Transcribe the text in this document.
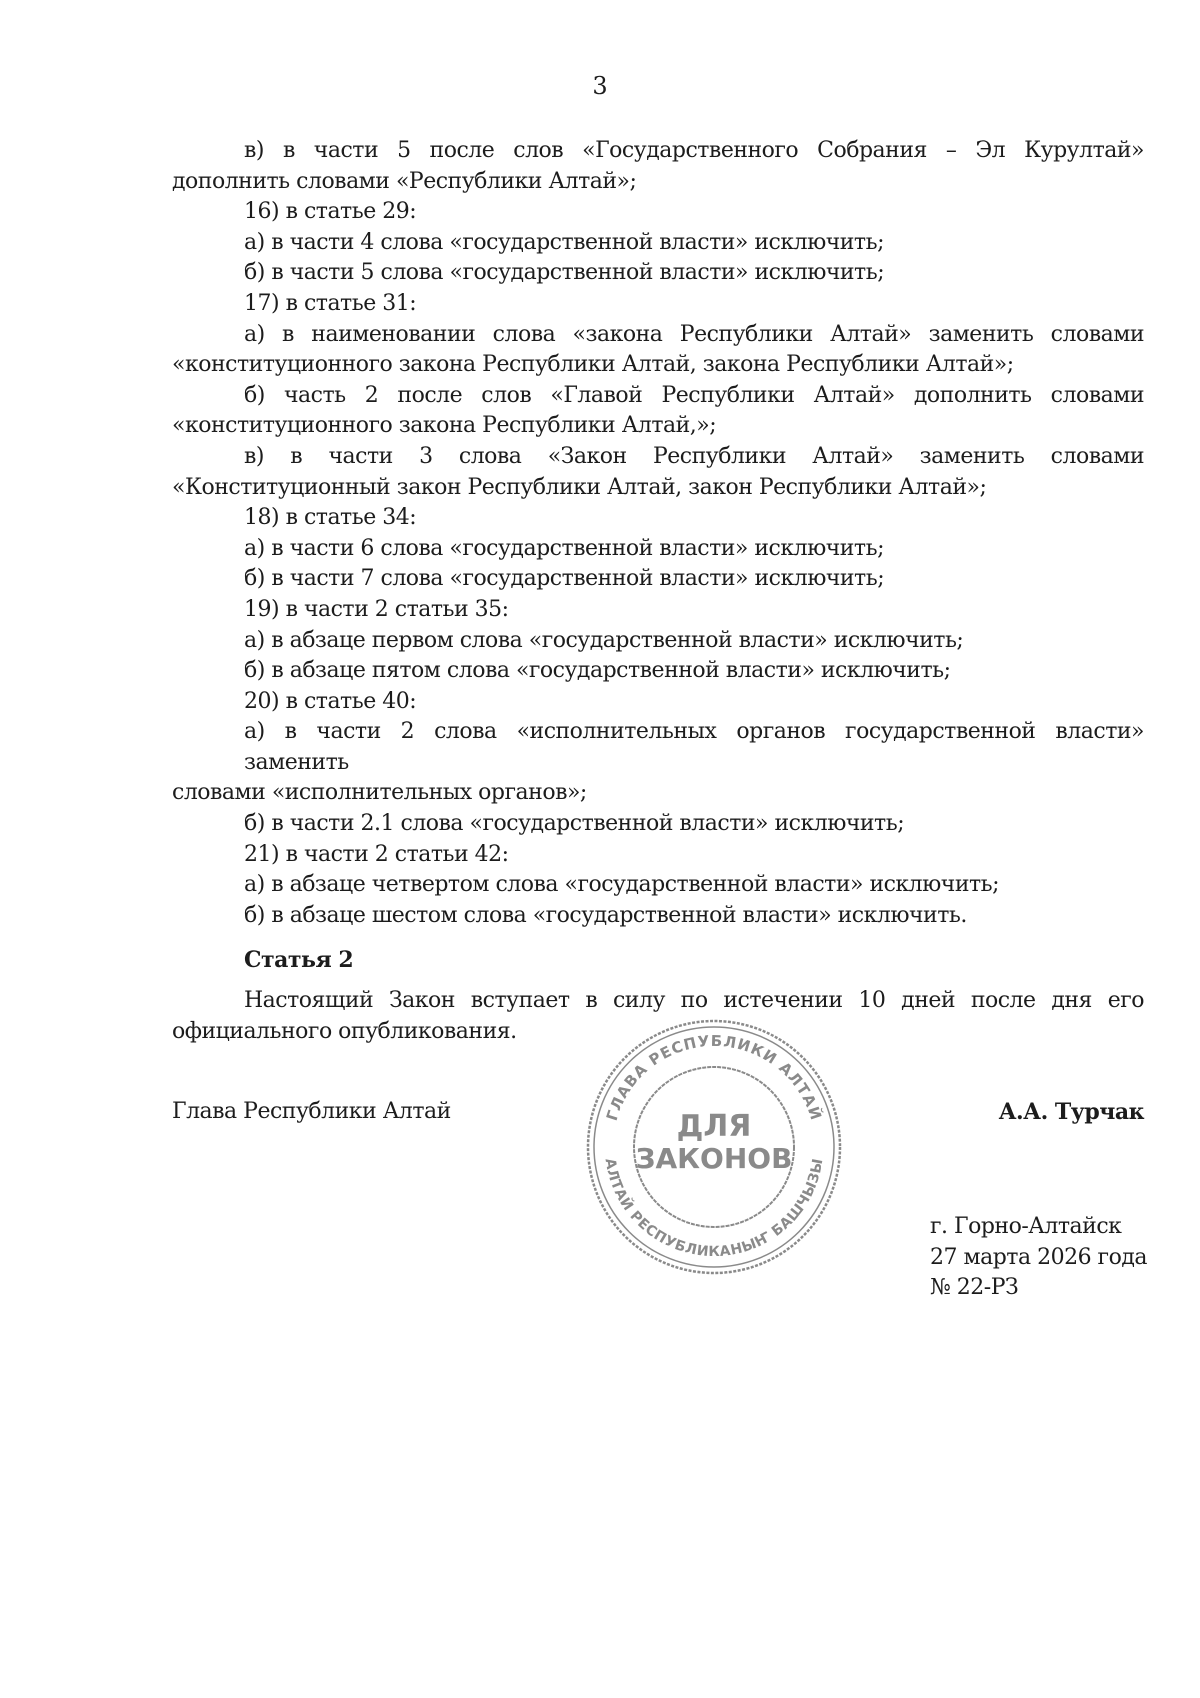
3

в) в части 5 после слов «Государственного Собрания – Эл Курултай»

дополнить словами «Республики Алтай»;

16) в статье 29:

а) в части 4 слова «государственной власти» исключить;

б) в части 5 слова «государственной власти» исключить;

17) в статье 31:

а) в наименовании слова «закона Республики Алтай» заменить словами

«конституционного закона Республики Алтай, закона Республики Алтай»;

б) часть 2 после слов «Главой Республики Алтай» дополнить словами

«конституционного закона Республики Алтай,»;

в) в части 3 слова «Закон Республики Алтай» заменить словами

«Конституционный закон Республики Алтай, закон Республики Алтай»;

18) в статье 34:

а) в части 6 слова «государственной власти» исключить;

б) в части 7 слова «государственной власти» исключить;

19) в части 2 статьи 35:

а) в абзаце первом слова «государственной власти» исключить;

б) в абзаце пятом слова «государственной власти» исключить;

20) в статье 40:

а) в части 2 слова «исполнительных органов государственной власти» заменить

словами «исполнительных органов»;

б) в части 2.1 слова «государственной власти» исключить;

21) в части 2 статьи 42:

а) в абзаце четвертом слова «государственной власти» исключить;

б) в абзаце шестом слова «государственной власти» исключить.

Статья 2

Настоящий Закон вступает в силу по истечении 10 дней после дня его

официального опубликования.

Глава Республики Алтай	А.А. Турчак
ГЛАВА РЕСПУБЛИКИ АЛТАЙ
АЛТАЙ РЕСПУБЛИКАНЫҤ БАШЧЫЗЫ
ДЛЯ
ЗАКОНОВ
г. Горно-Алтайск
27 марта 2026 года
№ 22-РЗ
